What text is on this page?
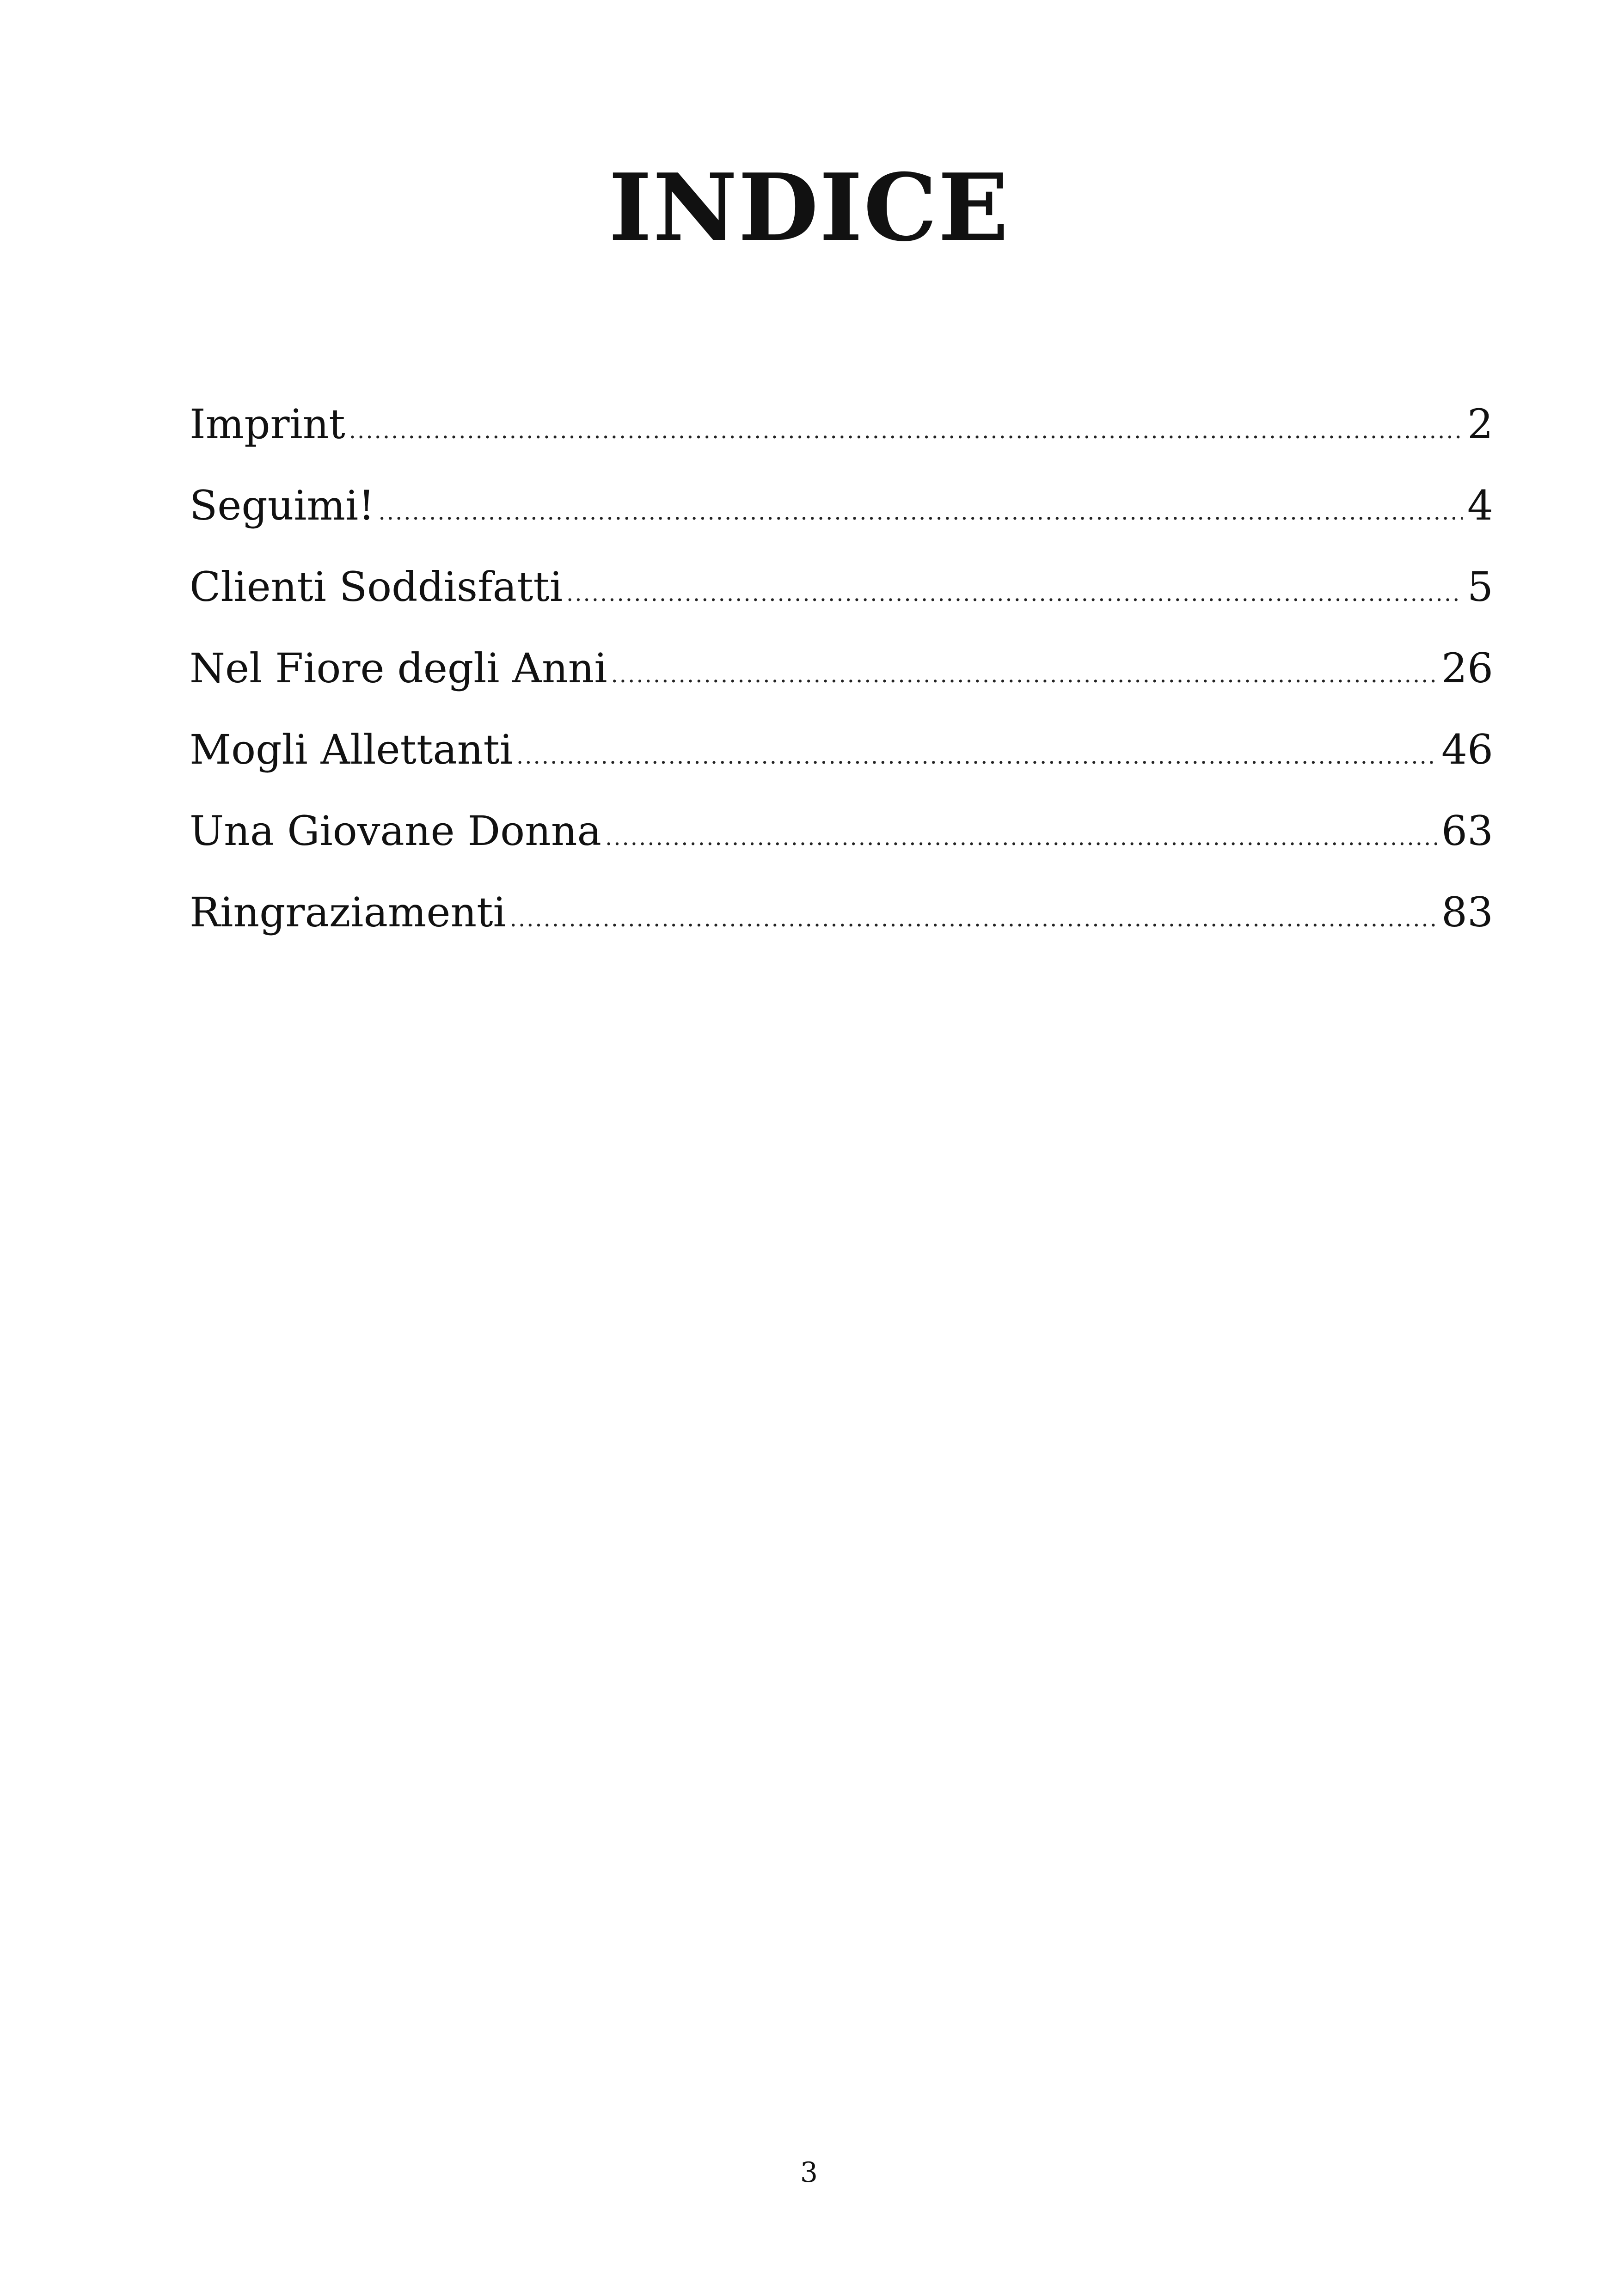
INDICE
Imprint .....	2
Seguimi! .....	4
Clienti Soddisfatti .....	5
Nel Fiore degli Anni .....	26
Mogli Allettanti .....	46
Una Giovane Donna .....	63
Ringraziamenti .....	83
3
